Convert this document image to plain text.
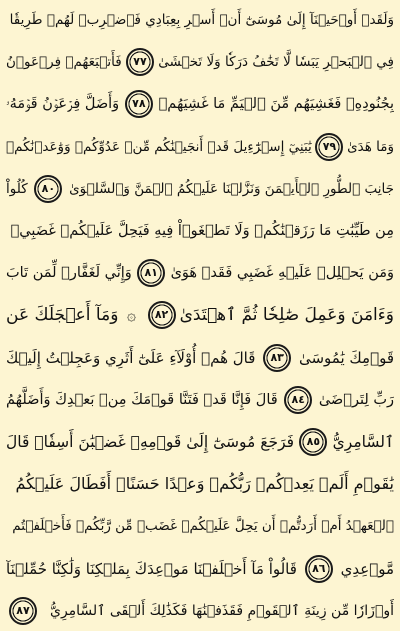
وَلَقَدۡ أَوۡحَيۡنَآ إِلَىٰ مُوسَىٰٓ أَنۡ أَسۡرِ بِعِبَادِي فَٱضۡرِبۡ لَهُمۡ طَرِيقٗا
فِي ٱلۡبَحۡرِ يَبَسٗا لَّا تَخَٰفُ دَرَكٗا وَلَا تَخۡشَىٰ
٧٧
فَأَتۡبَعَهُمۡ فِرۡعَوۡنُ
بِجُنُودِهِۦ فَغَشِيَهُم مِّنَ ٱلۡيَمِّ مَا غَشِيَهُمۡ
٧٨
وَأَضَلَّ فِرۡعَوۡنُ قَوۡمَهُۥ
وَمَا هَدَىٰ
٧٩
يَٰبَنِيٓ إِسۡرَٰٓءِيلَ قَدۡ أَنجَيۡنَٰكُم مِّنۡ عَدُوِّكُمۡ وَوَٰعَدۡنَٰكُمۡ
جَانِبَ ٱلطُّورِ ٱلۡأَيۡمَنَ وَنَزَّلۡنَا عَلَيۡكُمُ ٱلۡمَنَّ وَٱلسَّلۡوَىٰ
٨٠
كُلُواْ
مِن طَيِّبَٰتِ مَا رَزَقۡنَٰكُمۡ وَلَا تَطۡغَوۡاْ فِيهِ فَيَحِلَّ عَلَيۡكُمۡ غَضَبِيۖ
وَمَن يَحۡلِلۡ عَلَيۡهِ غَضَبِي فَقَدۡ هَوَىٰ
٨١
وَإِنِّي لَغَفَّارٞ لِّمَن تَابَ
وَءَامَنَ وَعَمِلَ صَٰلِحٗا ثُمَّ ٱهۡتَدَىٰ
٨٢
۞
وَمَآ أَعۡجَلَكَ عَن
قَوۡمِكَ يَٰمُوسَىٰ
٨٣
قَالَ هُمۡ أُوْلَآءِ عَلَىٰٓ أَثَرِي وَعَجِلۡتُ إِلَيۡكَ
رَبِّ لِتَرۡضَىٰ
٨٤
قَالَ فَإِنَّا قَدۡ فَتَنَّا قَوۡمَكَ مِنۢ بَعۡدِكَ وَأَضَلَّهُمُ
ٱلسَّامِرِيُّ
٨٥
فَرَجَعَ مُوسَىٰٓ إِلَىٰ قَوۡمِهِۦ غَضۡبَٰنَ أَسِفٗاۚ قَالَ
يَٰقَوۡمِ أَلَمۡ يَعِدۡكُمۡ رَبُّكُمۡ وَعۡدًا حَسَنًاۚ أَفَطَالَ عَلَيۡكُمُ
ٱلۡعَهۡدُ أَمۡ أَرَدتُّمۡ أَن يَحِلَّ عَلَيۡكُمۡ غَضَبٞ مِّن رَّبِّكُمۡ فَأَخۡلَفۡتُم
مَّوۡعِدِي
٨٦
قَالُواْ مَآ أَخۡلَفۡنَا مَوۡعِدَكَ بِمَلۡكِنَا وَلَٰكِنَّا حُمِّلۡنَآ
أَوۡزَارٗا مِّن زِينَةِ ٱلۡقَوۡمِ فَقَذَفۡنَٰهَا فَكَذَٰلِكَ أَلۡقَى ٱلسَّامِرِيُّ
٨٧
